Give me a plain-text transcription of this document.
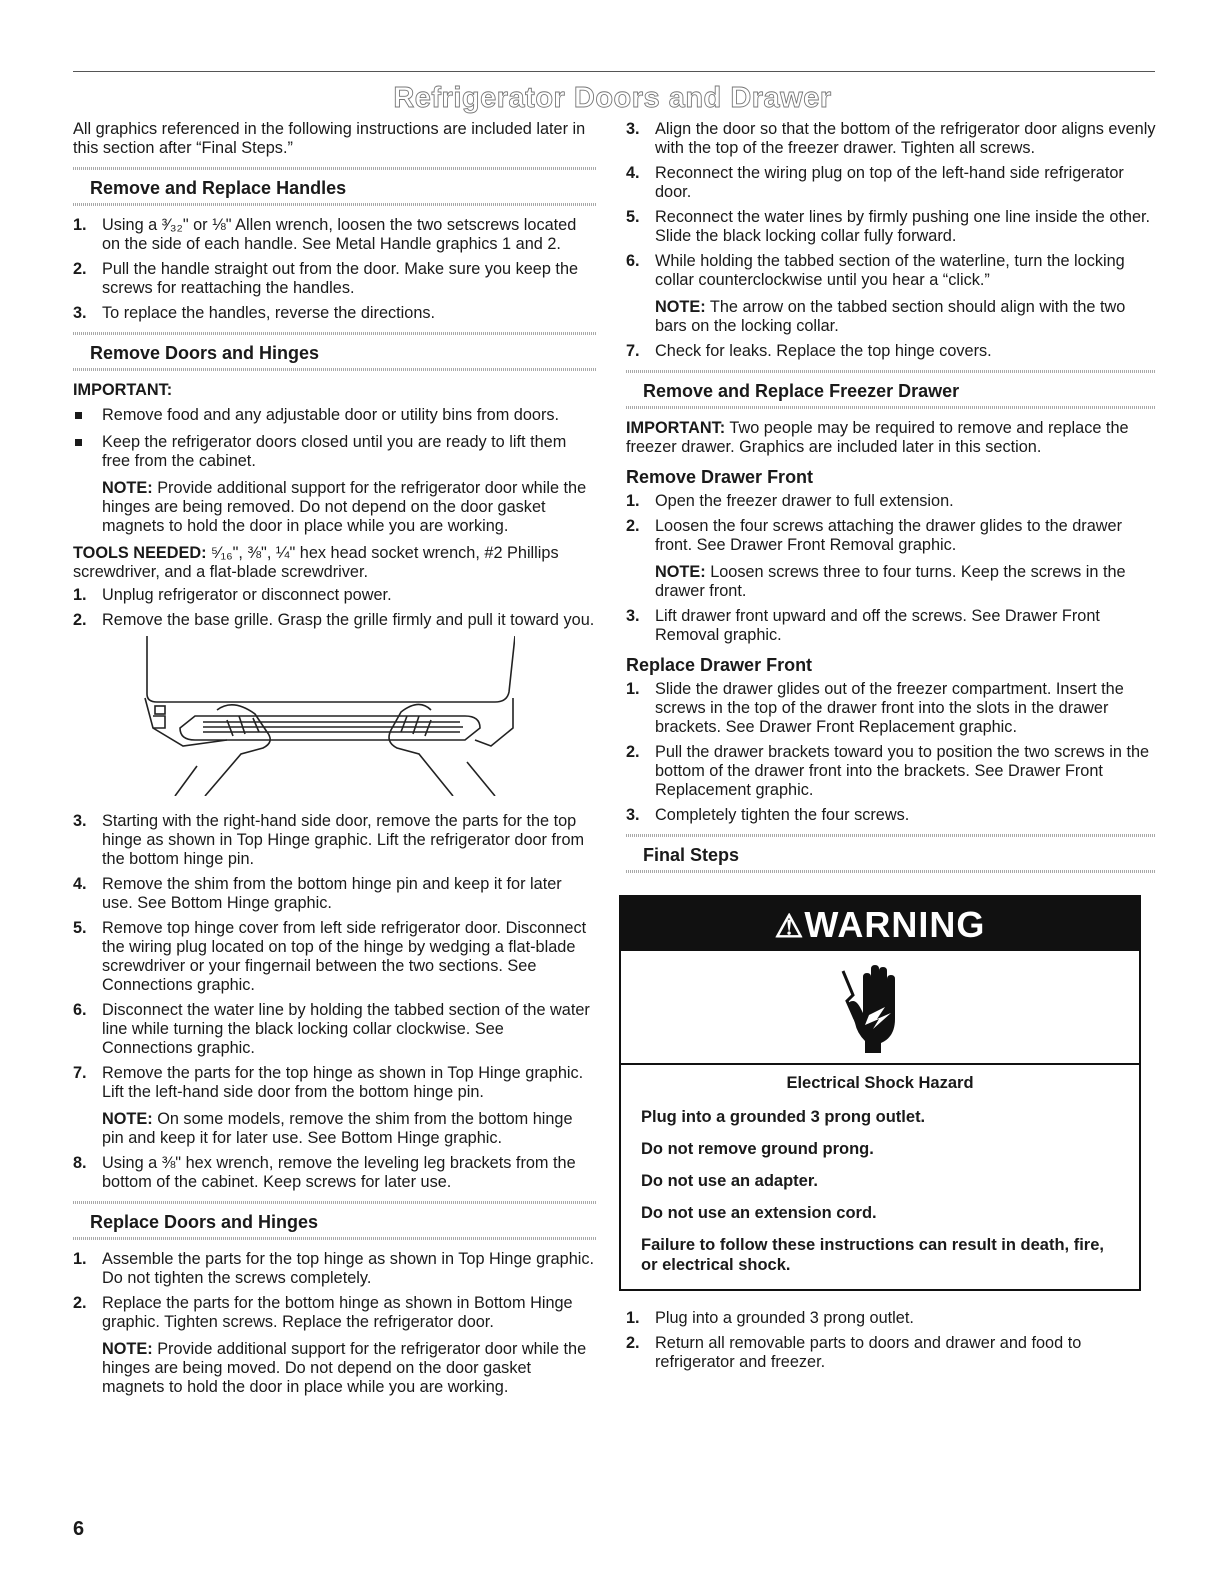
Refrigerator Doors and Drawer

All graphics referenced in the following instructions are included later in this section after “Final Steps.”

Remove and Replace Handles
1. Using a ³⁄₃₂" or ⅛" Allen wrench, loosen the two setscrews located on the side of each handle. See Metal Handle graphics 1 and 2.
2. Pull the handle straight out from the door. Make sure you keep the screws for reattaching the handles.
3. To replace the handles, reverse the directions.
Remove Doors and Hinges

IMPORTANT:

Remove food and any adjustable door or utility bins from doors.
Keep the refrigerator doors closed until you are ready to lift them free from the cabinet.
NOTE: Provide additional support for the refrigerator door while the hinges are being removed. Do not depend on the door gasket magnets to hold the door in place while you are working.

TOOLS NEEDED: ⁵⁄₁₆", ⅜", ¼" hex head socket wrench, #2 Phillips screwdriver, and a flat-blade screwdriver.

1. Unplug refrigerator or disconnect power.
2. Remove the base grille. Grasp the grille firmly and pull it toward you.
3. Starting with the right-hand side door, remove the parts for the top hinge as shown in Top Hinge graphic. Lift the refrigerator door from the bottom hinge pin.
4. Remove the shim from the bottom hinge pin and keep it for later use. See Bottom Hinge graphic.
5. Remove top hinge cover from left side refrigerator door. Disconnect the wiring plug located on top of the hinge by wedging a flat-blade screwdriver or your fingernail between the two sections. See Connections graphic.
6. Disconnect the water line by holding the tabbed section of the water line while turning the black locking collar clockwise. See Connections graphic.
7. Remove the parts for the top hinge as shown in Top Hinge graphic. Lift the left-hand side door from the bottom hinge pin.
NOTE: On some models, remove the shim from the bottom hinge pin and keep it for later use. See Bottom Hinge graphic.
8. Using a ⅜" hex wrench, remove the leveling leg brackets from the bottom of the cabinet. Keep screws for later use.
Replace Doors and Hinges
1. Assemble the parts for the top hinge as shown in Top Hinge graphic. Do not tighten the screws completely.
2. Replace the parts for the bottom hinge as shown in Bottom Hinge graphic. Tighten screws. Replace the refrigerator door.
NOTE: Provide additional support for the refrigerator door while the hinges are being moved. Do not depend on the door gasket magnets to hold the door in place while you are working.
3. Align the door so that the bottom of the refrigerator door aligns evenly with the top of the freezer drawer. Tighten all screws.
4. Reconnect the wiring plug on top of the left-hand side refrigerator door.
5. Reconnect the water lines by firmly pushing one line inside the other. Slide the black locking collar fully forward.
6. While holding the tabbed section of the waterline, turn the locking collar counterclockwise until you hear a “click.”
NOTE: The arrow on the tabbed section should align with the two bars on the locking collar.
7. Check for leaks. Replace the top hinge covers.
Remove and Replace Freezer Drawer

IMPORTANT: Two people may be required to remove and replace the freezer drawer. Graphics are included later in this section.

Remove Drawer Front
1. Open the freezer drawer to full extension.
2. Loosen the four screws attaching the drawer glides to the drawer front. See Drawer Front Removal graphic.
NOTE: Loosen screws three to four turns. Keep the screws in the drawer front.
3. Lift drawer front upward and off the screws. See Drawer Front Removal graphic.
Replace Drawer Front
1. Slide the drawer glides out of the freezer compartment. Insert the screws in the top of the drawer front into the slots in the drawer brackets. See Drawer Front Replacement graphic.
2. Pull the drawer brackets toward you to position the two screws in the bottom of the drawer front into the brackets. See Drawer Front Replacement graphic.
3. Completely tighten the four screws.
Final Steps
⚠WARNING
Electrical Shock Hazard

Plug into a grounded 3 prong outlet.

Do not remove ground prong.

Do not use an adapter.

Do not use an extension cord.

Failure to follow these instructions can result in death, fire, or electrical shock.

1. Plug into a grounded 3 prong outlet.
2. Return all removable parts to doors and drawer and food to refrigerator and freezer.
6
